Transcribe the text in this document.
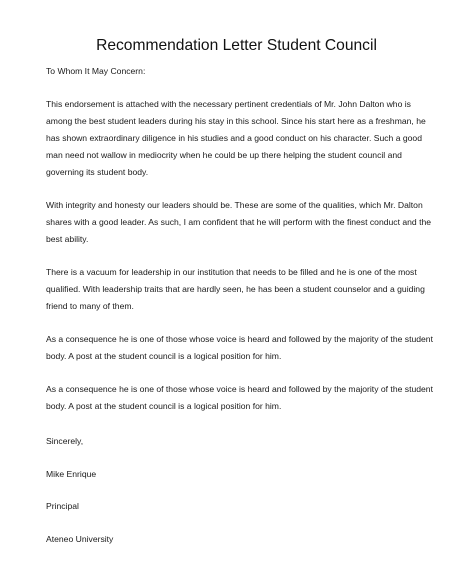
Recommendation Letter Student Council
To Whom It May Concern:

This endorsement is attached with the necessary pertinent credentials of Mr. John Dalton who is among the best student leaders during his stay in this school. Since his start here as a freshman, he has shown extraordinary diligence in his studies and a good conduct on his character. Such a good man need not wallow in mediocrity when he could be up there helping the student council and governing its student body.

With integrity and honesty our leaders should be. These are some of the qualities, which Mr. Dalton shares with a good leader. As such, I am confident that he will perform with the finest conduct and the best ability.

There is a vacuum for leadership in our institution that needs to be filled and he is one of the most qualified. With leadership traits that are hardly seen, he has been a student counselor and a guiding friend to many of them.

As a consequence he is one of those whose voice is heard and followed by the majority of the student body. A post at the student council is a logical position for him.

As a consequence he is one of those whose voice is heard and followed by the majority of the student body. A post at the student council is a logical position for him.

Sincerely,
Mike Enrique
Principal
Ateneo University
